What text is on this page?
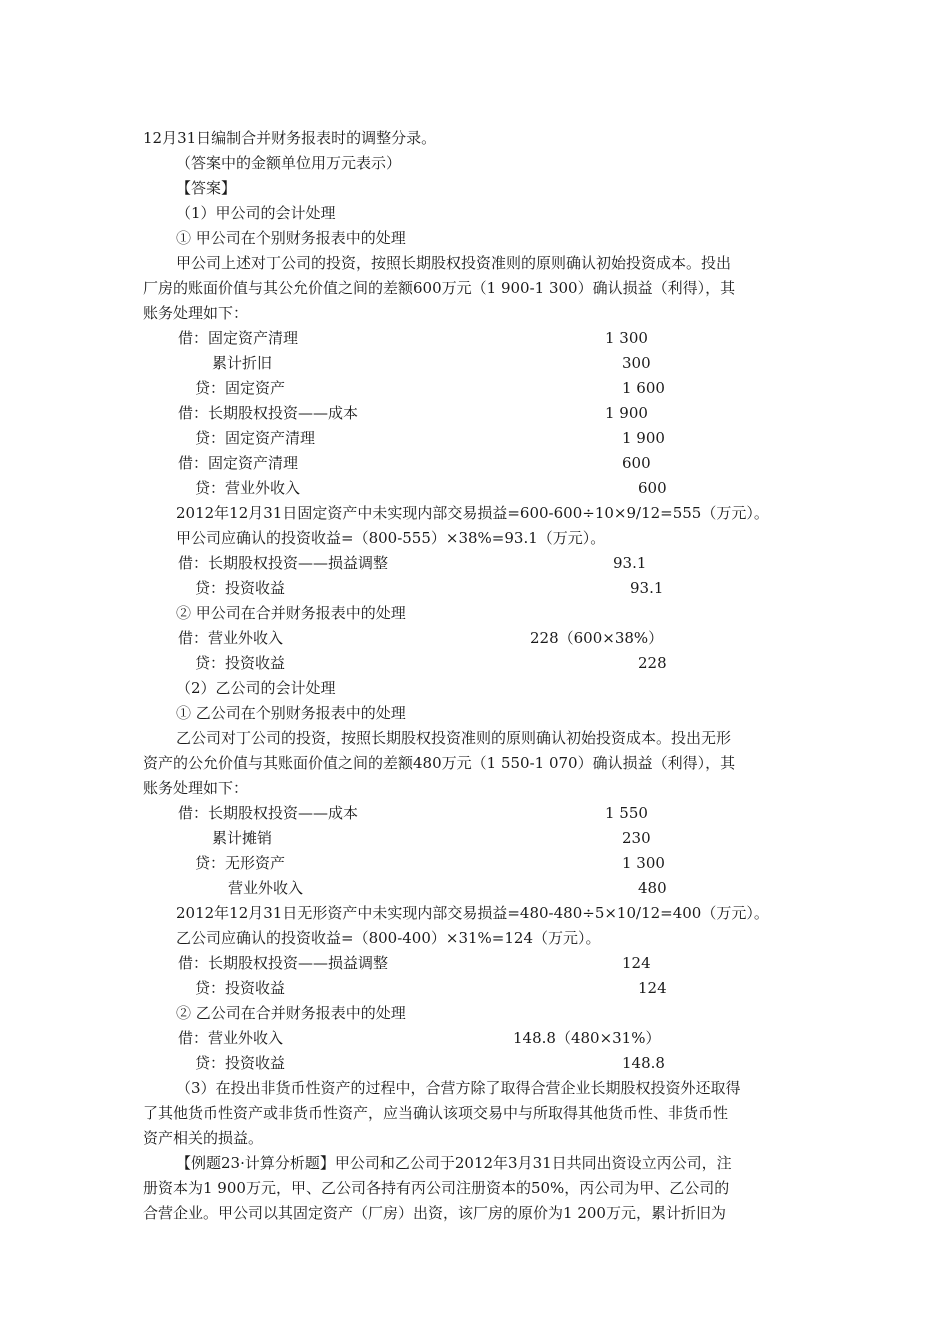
12月31日编制合并财务报表时的调整分录。
（答案中的金额单位用万元表示）
【答案】
（1）甲公司的会计处理
① 甲公司在个别财务报表中的处理
甲公司上述对丁公司的投资，按照长期股权投资准则的原则确认初始投资成本。投出
厂房的账面价值与其公允价值之间的差额600万元（1 900-1 300）确认损益（利得），其
账务处理如下：
借：固定资产清理	1 300
累计折旧	300
贷：固定资产	1 600
借：长期股权投资——成本	1 900
贷：固定资产清理	1 900
借：固定资产清理	600
贷：营业外收入	600
2012年12月31日固定资产中未实现内部交易损益=600-600÷10×9/12=555（万元）。
甲公司应确认的投资收益=（800-555）×38%=93.1（万元）。
借：长期股权投资——损益调整	93.1
贷：投资收益	93.1
② 甲公司在合并财务报表中的处理
借：营业外收入	228（600×38%）
贷：投资收益	228
（2）乙公司的会计处理
① 乙公司在个别财务报表中的处理
乙公司对丁公司的投资，按照长期股权投资准则的原则确认初始投资成本。投出无形
资产的公允价值与其账面价值之间的差额480万元（1 550-1 070）确认损益（利得），其
账务处理如下：
借：长期股权投资——成本	1 550
累计摊销	230
贷：无形资产	1 300
营业外收入	480
2012年12月31日无形资产中未实现内部交易损益=480-480÷5×10/12=400（万元）。
乙公司应确认的投资收益=（800-400）×31%=124（万元）。
借：长期股权投资——损益调整	124
贷：投资收益	124
② 乙公司在合并财务报表中的处理
借：营业外收入	148.8（480×31%）
贷：投资收益	148.8
（3）在投出非货币性资产的过程中，合营方除了取得合营企业长期股权投资外还取得
了其他货币性资产或非货币性资产，应当确认该项交易中与所取得其他货币性、非货币性
资产相关的损益。
【例题23·计算分析题】甲公司和乙公司于2012年3月31日共同出资设立丙公司，注
册资本为1 900万元，甲、乙公司各持有丙公司注册资本的50%，丙公司为甲、乙公司的
合营企业。甲公司以其固定资产（厂房）出资，该厂房的原价为1 200万元，累计折旧为
